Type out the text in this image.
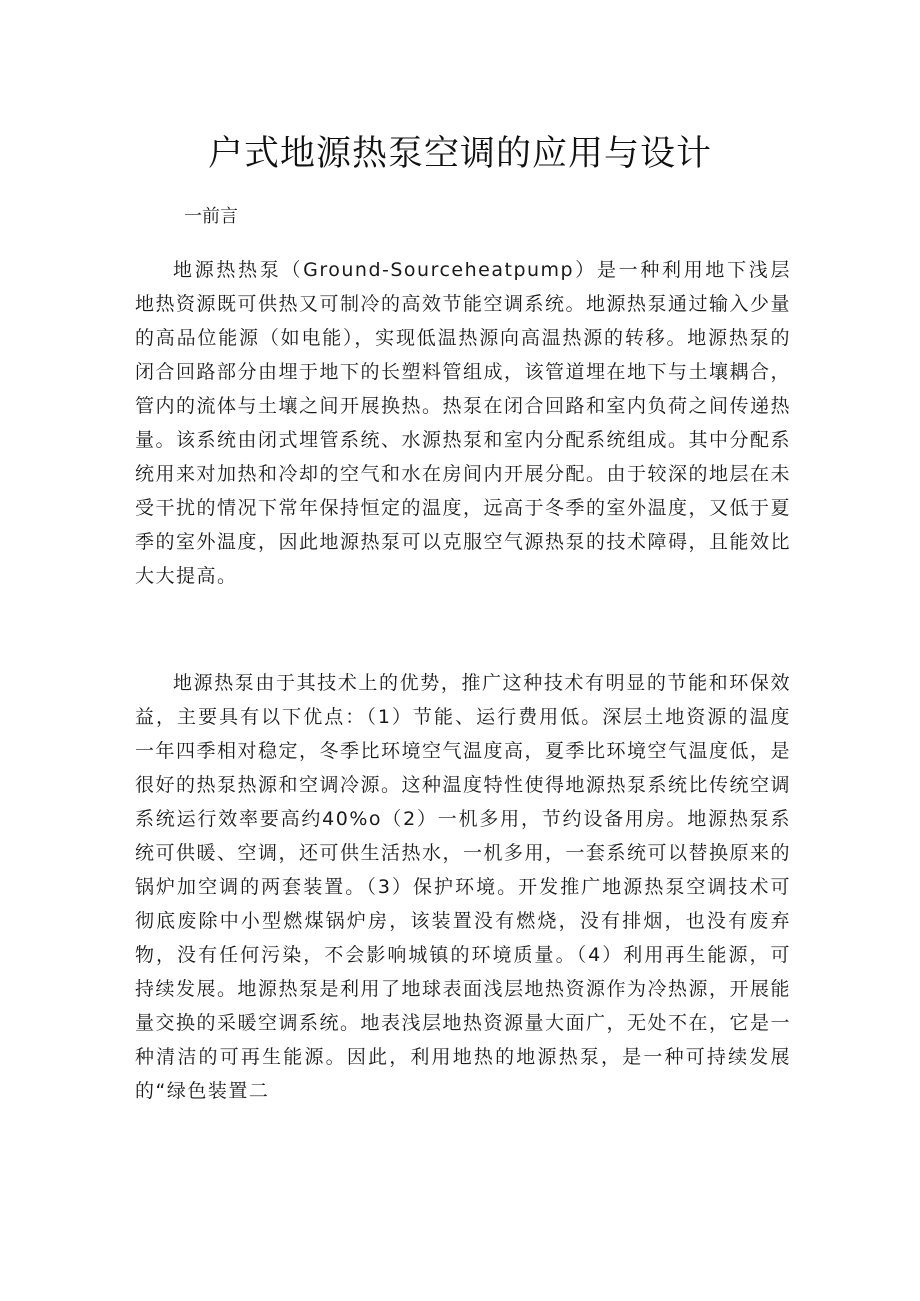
户式地源热泵空调的应用与设计

一前言

地源热热泵（Ground-Sourceheatpump）是一种利用地下浅层地热资源既可供热又可制冷的高效节能空调系统。地源热泵通过输入少量的高品位能源（如电能），实现低温热源向高温热源的转移。地源热泵的闭合回路部分由埋于地下的长塑料管组成，该管道埋在地下与土壤耦合，管内的流体与土壤之间开展换热。热泵在闭合回路和室内负荷之间传递热量。该系统由闭式埋管系统、水源热泵和室内分配系统组成。其中分配系统用来对加热和冷却的空气和水在房间内开展分配。由于较深的地层在未受干扰的情况下常年保持恒定的温度，远高于冬季的室外温度，又低于夏季的室外温度，因此地源热泵可以克服空气源热泵的技术障碍，且能效比大大提高。

地源热泵由于其技术上的优势，推广这种技术有明显的节能和环保效益，主要具有以下优点：（1）节能、运行费用低。深层土地资源的温度一年四季相对稳定，冬季比环境空气温度高，夏季比环境空气温度低，是很好的热泵热源和空调冷源。这种温度特性使得地源热泵系统比传统空调系统运行效率要高约40%o（2）一机多用，节约设备用房。地源热泵系统可供暖、空调，还可供生活热水，一机多用，一套系统可以替换原来的锅炉加空调的两套装置。（3）保护环境。开发推广地源热泵空调技术可彻底废除中小型燃煤锅炉房，该装置没有燃烧，没有排烟，也没有废弃物，没有任何污染，不会影响城镇的环境质量。（4）利用再生能源，可持续发展。地源热泵是利用了地球表面浅层地热资源作为冷热源，开展能量交换的采暖空调系统。地表浅层地热资源量大面广，无处不在，它是一种清洁的可再生能源。因此，利用地热的地源热泵，是一种可持续发展的“绿色装置二
